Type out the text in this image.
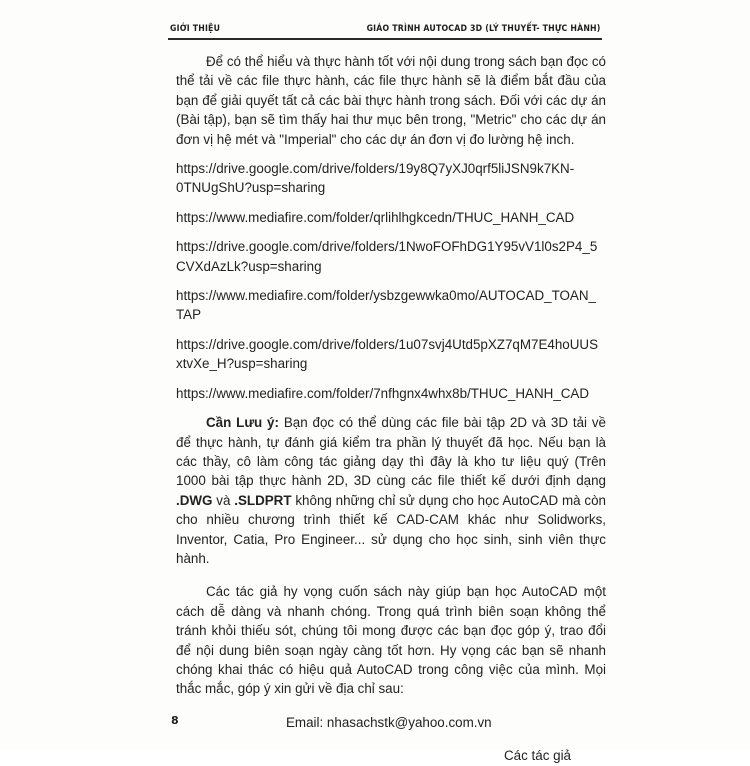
GIỚI THIỆU	GIÁO TRÌNH AUTOCAD 3D (LÝ THUYẾT- THỰC HÀNH)

Để có thể hiểu và thực hành tốt với nội dung trong sách bạn đọc có thể tải về các file thực hành, các file thực hành sẽ là điểm bắt đầu của bạn để giải quyết tất cả các bài thực hành trong sách. Đối với các dự án (Bài tập), bạn sẽ tìm thấy hai thư mục bên trong, "Metric" cho các dự án đơn vị hệ mét và "Imperial" cho các dự án đơn vị đo lường hệ inch.

https://drive.google.com/drive/folders/19y8Q7yXJ0qrf5liJSN9k7KN-
0TNUgShU?usp=sharing

https://www.mediafire.com/folder/qrlihlhgkcedn/THUC_HANH_CAD

https://drive.google.com/drive/folders/1NwoFOFhDG1Y95vV1l0s2P4_5
CVXdAzLk?usp=sharing

https://www.mediafire.com/folder/ysbzgewwka0mo/AUTOCAD_TOAN_
TAP

https://drive.google.com/drive/folders/1u07svj4Utd5pXZ7qM7E4hoUUS
xtvXe_H?usp=sharing

https://www.mediafire.com/folder/7nfhgnx4whx8b/THUC_HANH_CAD

Cần Lưu ý: Bạn đọc có thể dùng các file bài tập 2D và 3D tải về để thực hành, tự đánh giá kiểm tra phần lý thuyết đã học. Nếu bạn là các thầy, cô làm công tác giảng dạy thì đây là kho tư liệu quý (Trên 1000 bài tập thực hành 2D, 3D cùng các file thiết kế dưới định dạng .DWG và .SLDPRT không những chỉ sử dụng cho học AutoCAD mà còn cho nhiều chương trình thiết kế CAD-CAM khác như Solidworks, Inventor, Catia, Pro Engineer... sử dụng cho học sinh, sinh viên thực hành.

Các tác giả hy vọng cuốn sách này giúp bạn học AutoCAD một cách dễ dàng và nhanh chóng. Trong quá trình biên soạn không thể tránh khỏi thiếu sót, chúng tôi mong được các bạn đọc góp ý, trao đổi để nội dung biên soạn ngày càng tốt hơn. Hy vọng các bạn sẽ nhanh chóng khai thác có hiệu quả AutoCAD trong công việc của mình. Mọi thắc mắc, góp ý xin gửi về địa chỉ sau:

Email: nhasachstk@yahoo.com.vn

Các tác giả

8
